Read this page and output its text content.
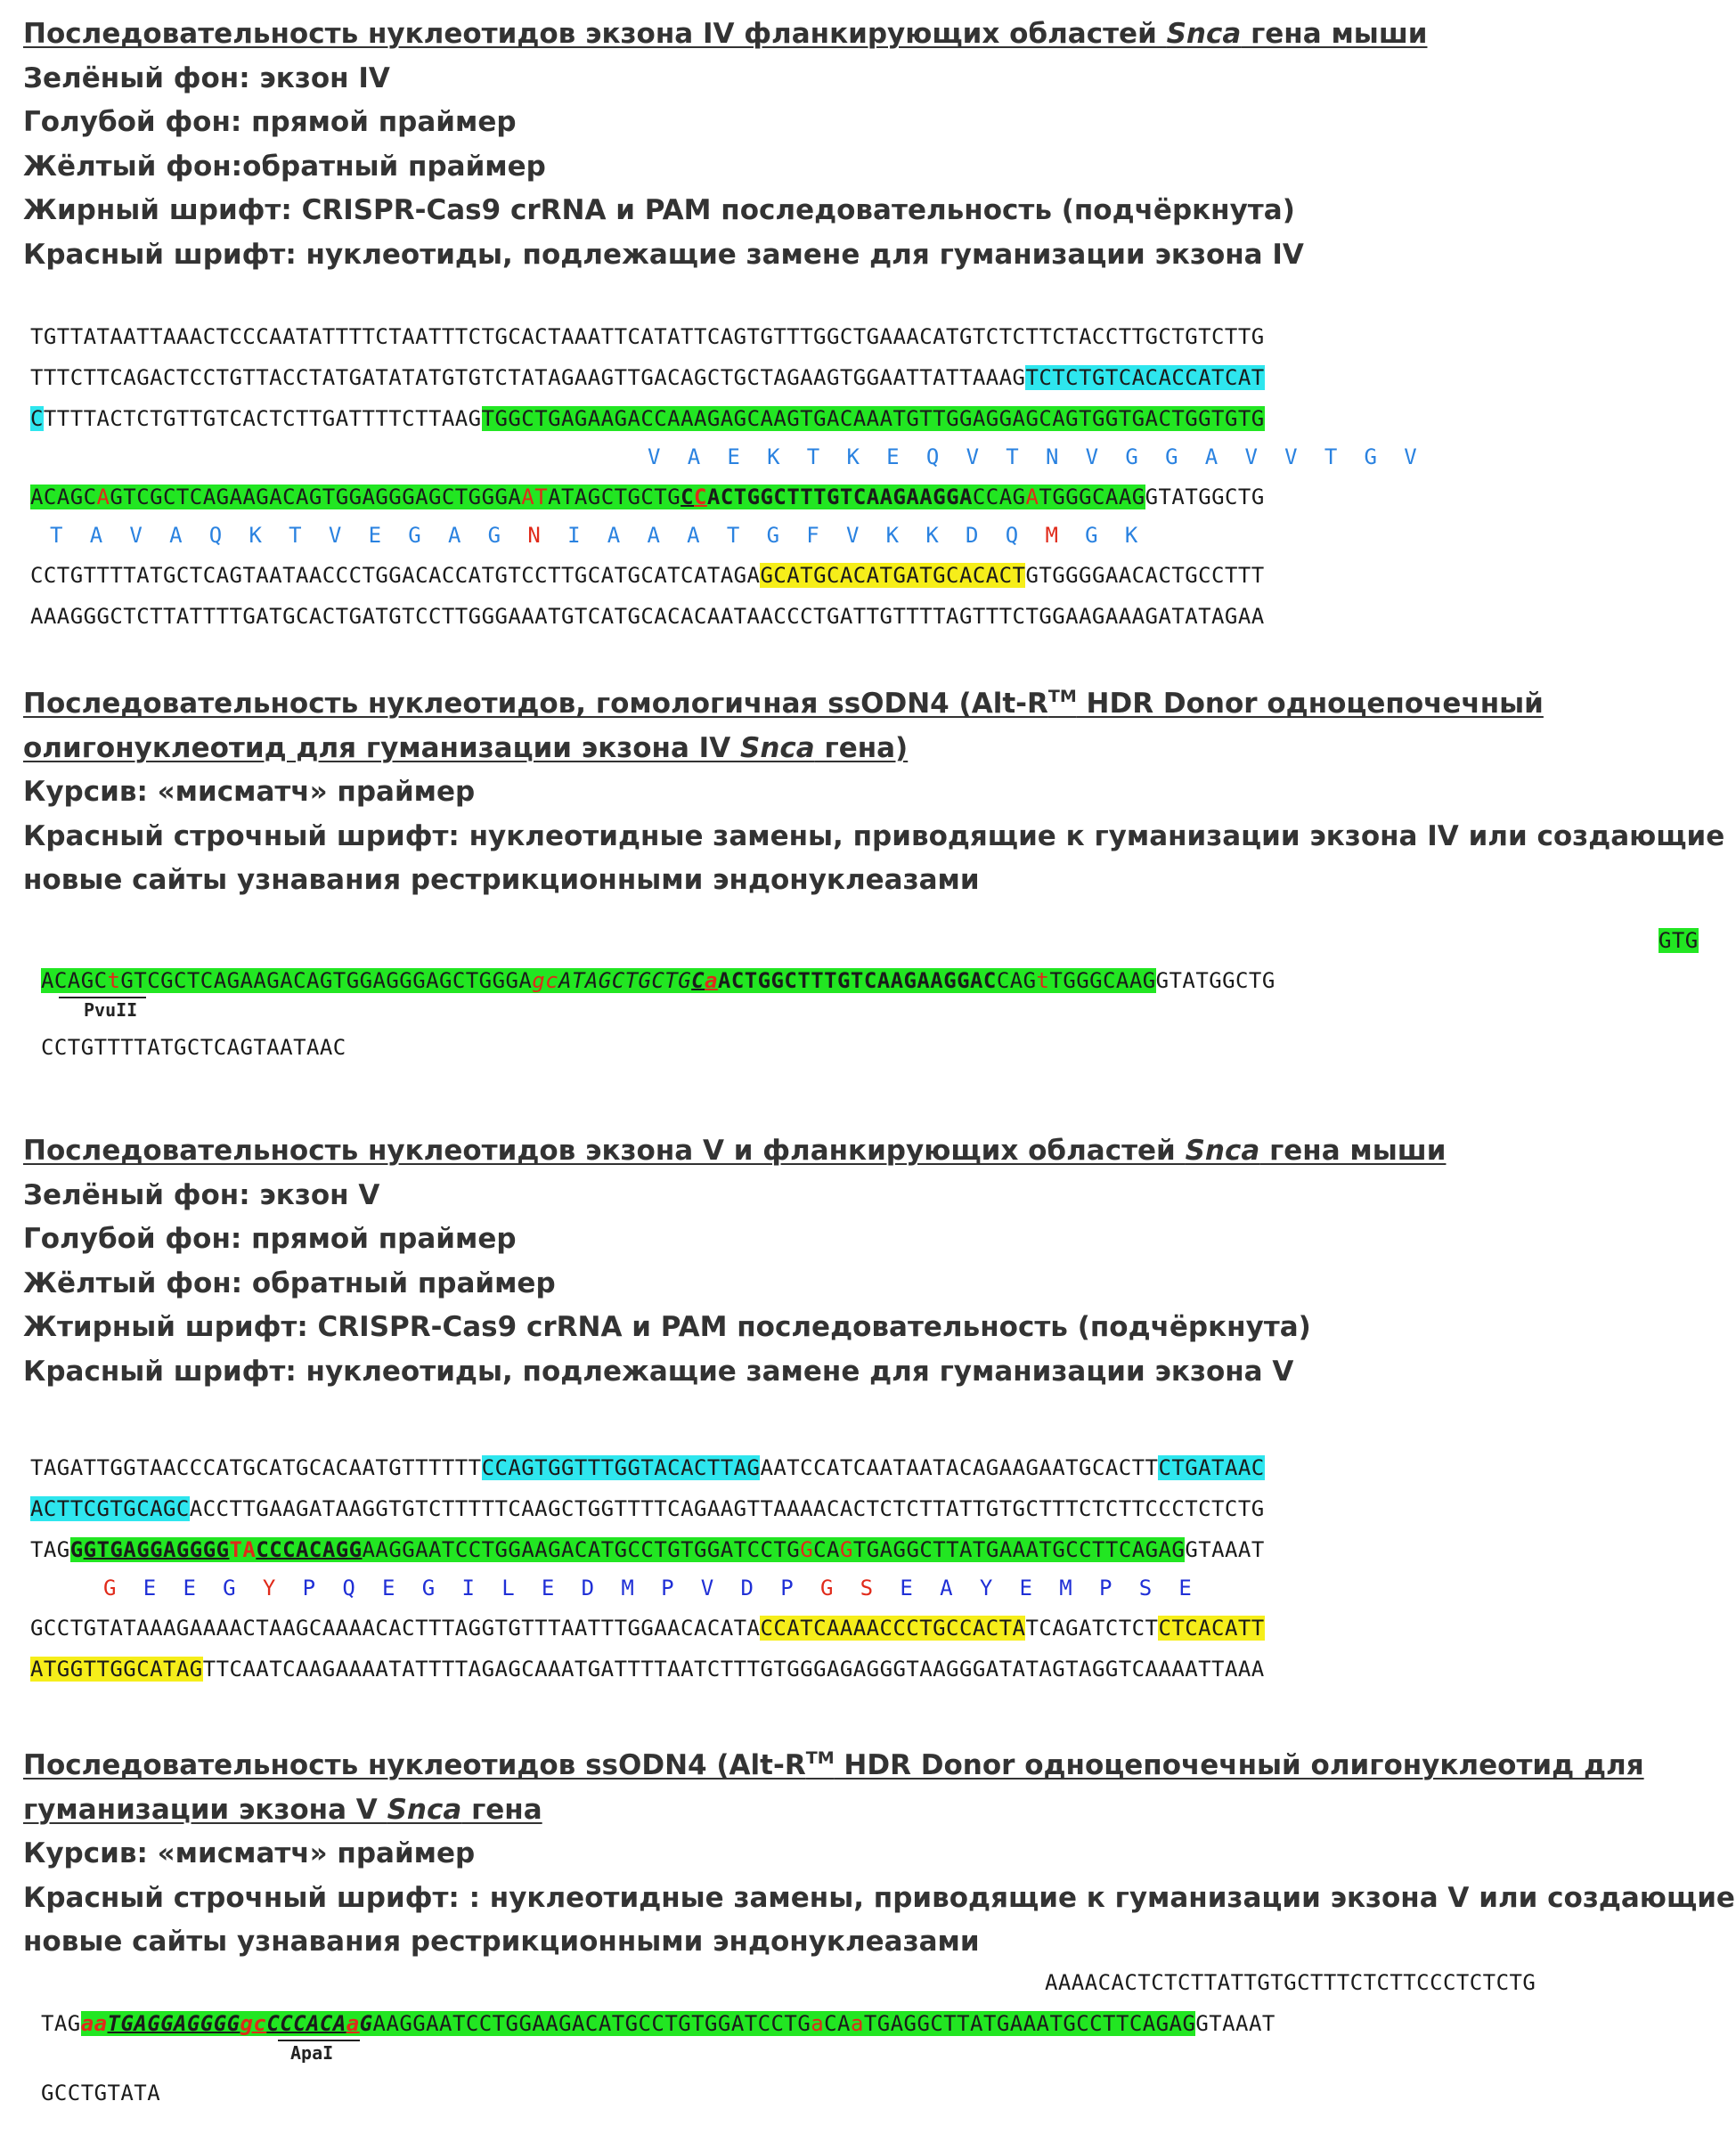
Последовательность нуклеотидов экзона IV фланкирующих областей Snca гена мыши
Зелёный фон: экзон IV
Голубой фон: прямой праймер
Жёлтый фон:обратный праймер
Жирный шрифт: CRISPR-Cas9 crRNA и PAM последовательность (подчёркнута)
Красный шрифт: нуклеотиды, подлежащие замене для гуманизации экзона IV
TGTTATAATTAAACTCCCAATATTTTCTAATTTCTGCACTAAATTCATATTCAGTGTTTGGCTGAAACATGTCTCTTCTACCTTGCTGTCTTG
TTTCTTCAGACTCCTGTTACCTATGATATATGTGTCTATAGAAGTTGACAGCTGCTAGAAGTGGAATTATTAAAGTCTCTGTCACACCATCAT
CTTTTACTCTGTTGTCACTCTTGATTTTCTTAAGTGGCTGAGAAGACCAAAGAGCAAGTGACAAATGTTGGAGGAGCAGTGGTGACTGGTGTG
V  A  E  K  T  K  E  Q  V  T  N  V  G  G  A  V  V  T  G  V
ACAGCAGTCGCTCAGAAGACAGTGGAGGGAGCTGGGAATATAGCTGCTGCCACTGGCTTTGTCAAGAAGGACCAGATGGGCAAGGTATGGCTG
T  A  V  A  Q  K  T  V  E  G  A  G  N  I  A  A  A  T  G  F  V  K  K  D  Q  M  G  K
CCTGTTTTATGCTCAGTAATAACCCTGGACACCATGTCCTTGCATGCATCATAGAGCATGCACATGATGCACACTGTGGGGAACACTGCCTTT
AAAGGGCTCTTATTTTGATGCACTGATGTCCTTGGGAAATGTCATGCACACAATAACCCTGATTGTTTTAGTTTCTGGAAGAAAGATATAGAA
Последовательность нуклеотидов, гомологичная ssODN4 (Alt-R™ HDR Donor одноцепочечный
олигонуклеотид для гуманизации экзона IV Snca гена)
Курсив: «мисматч» праймер
Красный строчный шрифт: нуклеотидные замены, приводящие к гуманизации экзона IV или создающие
новые сайты узнавания рестрикционными эндонуклеазами
GTG
ACAGCtGTCGCTCAGAAGACAGTGGAGGGAGCTGGGAgcATAGCTGCTGCaACTGGCTTTGTCAAGAAGGACCAGtTGGGCAAGGTATGGCTG
PvuII
CCTGTTTTATGCTCAGTAATAAC
Последовательность нуклеотидов экзона V и фланкирующих областей Snca гена мыши
Зелёный фон: экзон V
Голубой фон: прямой праймер
Жёлтый фон: обратный праймер
Жтирный шрифт: CRISPR-Cas9 crRNA и PAM последовательность (подчёркнута)
Красный шрифт: нуклеотиды, подлежащие замене для гуманизации экзона V
TAGATTGGTAACCCATGCATGCACAATGTTTTTTCCAGTGGTTTGGTACACTTAGAATCCATCAATAATACAGAAGAATGCACTTCTGATAAC
ACTTCGTGCAGCACCTTGAAGATAAGGTGTCTTTTTCAAGCTGGTTTTCAGAAGTTAAAACACTCTCTTATTGTGCTTTCTCTTCCCTCTCTG
TAGGGTGAGGAGGGGTACCCACAGGAAGGAATCCTGGAAGACATGCCTGTGGATCCTGGCAGTGAGGCTTATGAAATGCCTTCAGAGGTAAAT
G E E G Y P Q E G I L E D M P V D P G S E A Y E M P S E
GCCTGTATAAAGAAAACTAAGCAAAACACTTTAGGTGTTTAATTTGGAACACATACCATCAAAACCCTGCCACTATCAGATCTCTCTCACATT
ATGGTTGGCATAGTTCAATCAAGAAAATATTTTAGAGCAAATGATTTTAATCTTTGTGGGAGAGGGTAAGGGATATAGTAGGTCAAAATTAAA
Последовательность нуклеотидов ssODN4 (Alt-R™ HDR Donor одноцепочечный олигонуклеотид для
гуманизации экзона V Snca гена
Курсив: «мисматч» праймер
Красный строчный шрифт: : нуклеотидные замены, приводящие к гуманизации экзона V или создающие
новые сайты узнавания рестрикционными эндонуклеазами
AAAACACTCTCTTATTGTGCTTTCTCTTCCCTCTCTG
TAGaaTGAGGAGGGGgcCCCACAaGAAGGAATCCTGGAAGACATGCCTGTGGATCCTGaCAaTGAGGCTTATGAAATGCCTTCAGAGGTAAAT
ApaI
GCCTGTATA
